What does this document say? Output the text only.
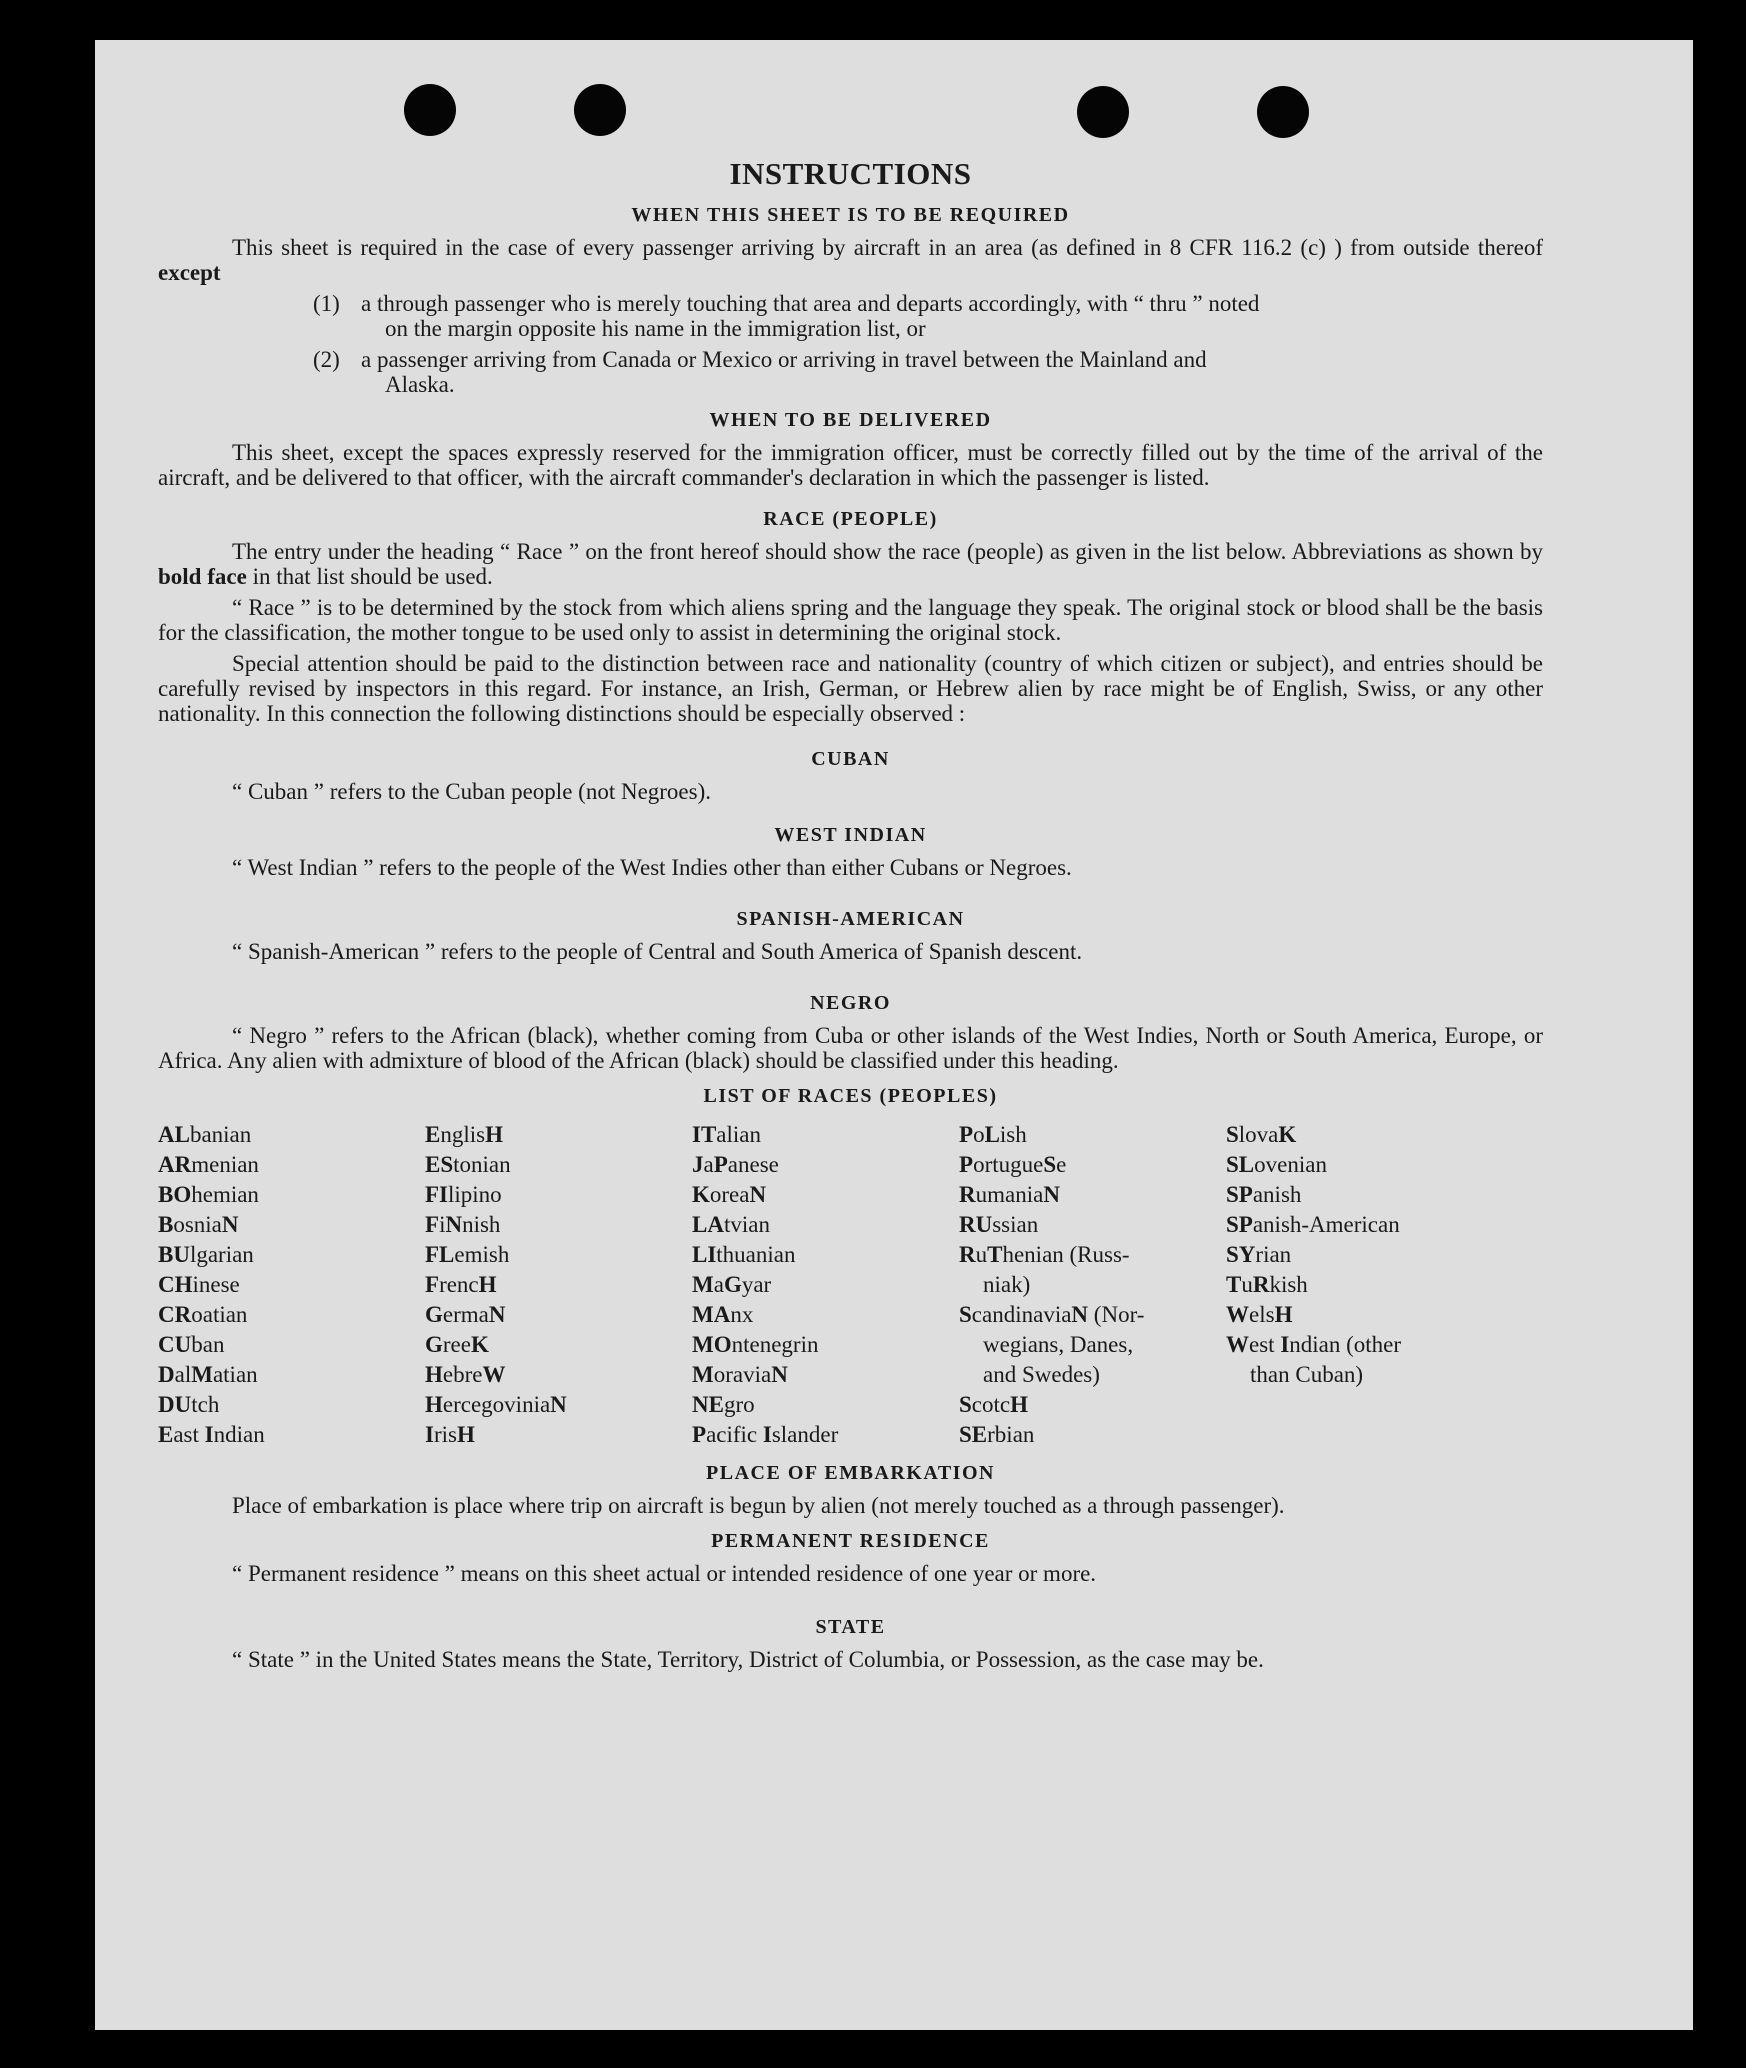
INSTRUCTIONS
WHEN THIS SHEET IS TO BE REQUIRED

This sheet is required in the case of every passenger arriving by aircraft in an area (as defined in 8 CFR 116.2 (c) ) from outside thereof except

(1) a through passenger who is merely touching that area and departs accordingly, with “ thru ” noted
on the margin opposite his name in the immigration list, or
(2) a passenger arriving from Canada or Mexico or arriving in travel between the Mainland and
Alaska.
WHEN TO BE DELIVERED

This sheet, except the spaces expressly reserved for the immigration officer, must be correctly filled out by the time of the arrival of the aircraft, and be delivered to that officer, with the aircraft commander's declaration in which the passenger is listed.

RACE (PEOPLE)

The entry under the heading “ Race ” on the front hereof should show the race (people) as given in the list below. Abbreviations as shown by bold face in that list should be used.

“ Race ” is to be determined by the stock from which aliens spring and the language they speak. The original stock or blood shall be the basis for the classification, the mother tongue to be used only to assist in determining the original stock.

Special attention should be paid to the distinction between race and nationality (country of which citizen or subject), and entries should be carefully revised by inspectors in this regard. For instance, an Irish, German, or Hebrew alien by race might be of English, Swiss, or any other nationality. In this connection the following distinctions should be especially observed :

CUBAN

“ Cuban ” refers to the Cuban people (not Negroes).

WEST INDIAN

“ West Indian ” refers to the people of the West Indies other than either Cubans or Negroes.

SPANISH-AMERICAN

“ Spanish-American ” refers to the people of Central and South America of Spanish descent.

NEGRO

“ Negro ” refers to the African (black), whether coming from Cuba or other islands of the West Indies, North or South America, Europe, or Africa. Any alien with admixture of blood of the African (black) should be classified under this heading.

LIST OF RACES (PEOPLES)
ALbanian
ARmenian
BOhemian
BosniaN
BUlgarian
CHinese
CRoatian
CUban
DalMatian
DUtch
East Indian
EnglisH
EStonian
FIlipino
FiNnish
FLemish
FrencH
GermaN
GreeK
HebreW
HercegoviniaN
IrisH
ITalian
JaPanese
KoreaN
LAtvian
LIthuanian
MaGyar
MAnx
MOntenegrin
MoraviaN
NEgro
Pacific Islander
PoLish
PortugueSe
RumaniaN
RUssian
RuThenian (Russ-
niak)
ScandinaviaN (Nor-
wegians, Danes,
and Swedes)
ScotcH
SErbian
SlovaK
SLovenian
SPanish
SPanish-American
SYrian
TuRkish
WelsH
West Indian (other
than Cuban)
PLACE OF EMBARKATION

Place of embarkation is place where trip on aircraft is begun by alien (not merely touched as a through passenger).

PERMANENT RESIDENCE

“ Permanent residence ” means on this sheet actual or intended residence of one year or more.

STATE

“ State ” in the United States means the State, Territory, District of Columbia, or Possession, as the case may be.
